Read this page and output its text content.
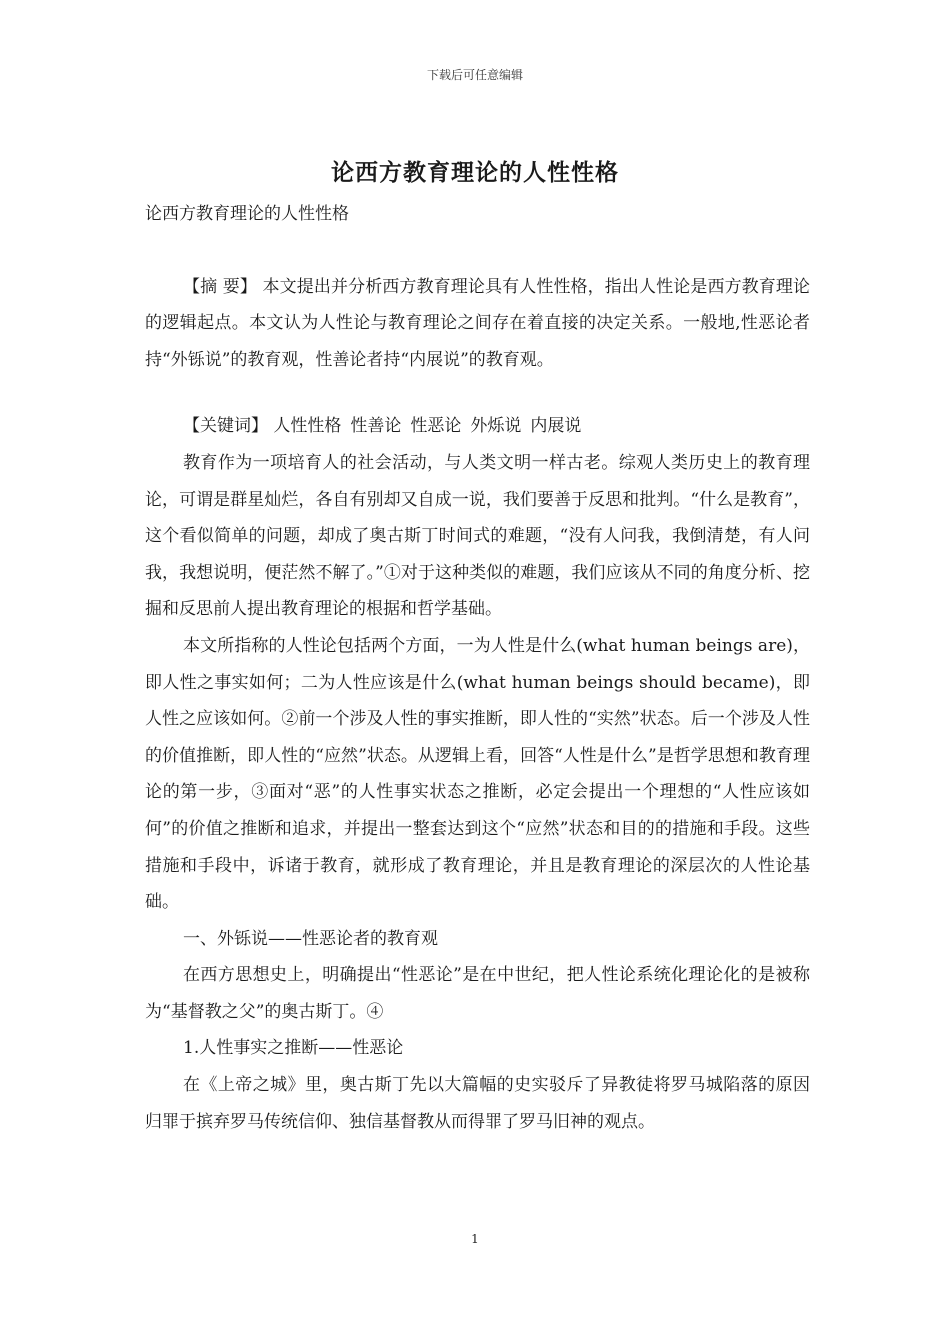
下载后可任意编辑
论西方教育理论的人性性格

论西方教育理论的人性性格

【摘 要】 本文提出并分析西方教育理论具有人性性格，指出人性论是西方教育理论的逻辑起点。本文认为人性论与教育理论之间存在着直接的决定关系。一般地,性恶论者持“外铄说”的教育观，性善论者持“内展说”的教育观。

【关键词】 人性性格 性善论 性恶论 外烁说 内展说

教育作为一项培育人的社会活动，与人类文明一样古老。综观人类历史上的教育理论，可谓是群星灿烂，各自有别却又自成一说，我们要善于反思和批判。“什么是教育”，这个看似简单的问题，却成了奥古斯丁时间式的难题，“没有人问我，我倒清楚，有人问我，我想说明，便茫然不解了。”①对于这种类似的难题，我们应该从不同的角度分析、挖掘和反思前人提出教育理论的根据和哲学基础。

本文所指称的人性论包括两个方面，一为人性是什么(what human beings are)，即人性之事实如何；二为人性应该是什么(what human beings should became)，即人性之应该如何。②前一个涉及人性的事实推断，即人性的“实然”状态。后一个涉及人性的价值推断，即人性的“应然”状态。从逻辑上看，回答“人性是什么”是哲学思想和教育理论的第一步，③面对“恶”的人性事实状态之推断，必定会提出一个理想的“人性应该如何”的价值之推断和追求，并提出一整套达到这个“应然”状态和目的的措施和手段。这些措施和手段中，诉诸于教育，就形成了教育理论，并且是教育理论的深层次的人性论基础。

一、外铄说——性恶论者的教育观

在西方思想史上，明确提出“性恶论”是在中世纪，把人性论系统化理论化的是被称为“基督教之父”的奥古斯丁。④

1.人性事实之推断——性恶论

在《上帝之城》里，奥古斯丁先以大篇幅的史实驳斥了异教徒将罗马城陷落的原因归罪于摈弃罗马传统信仰、独信基督教从而得罪了罗马旧神的观点。

1
